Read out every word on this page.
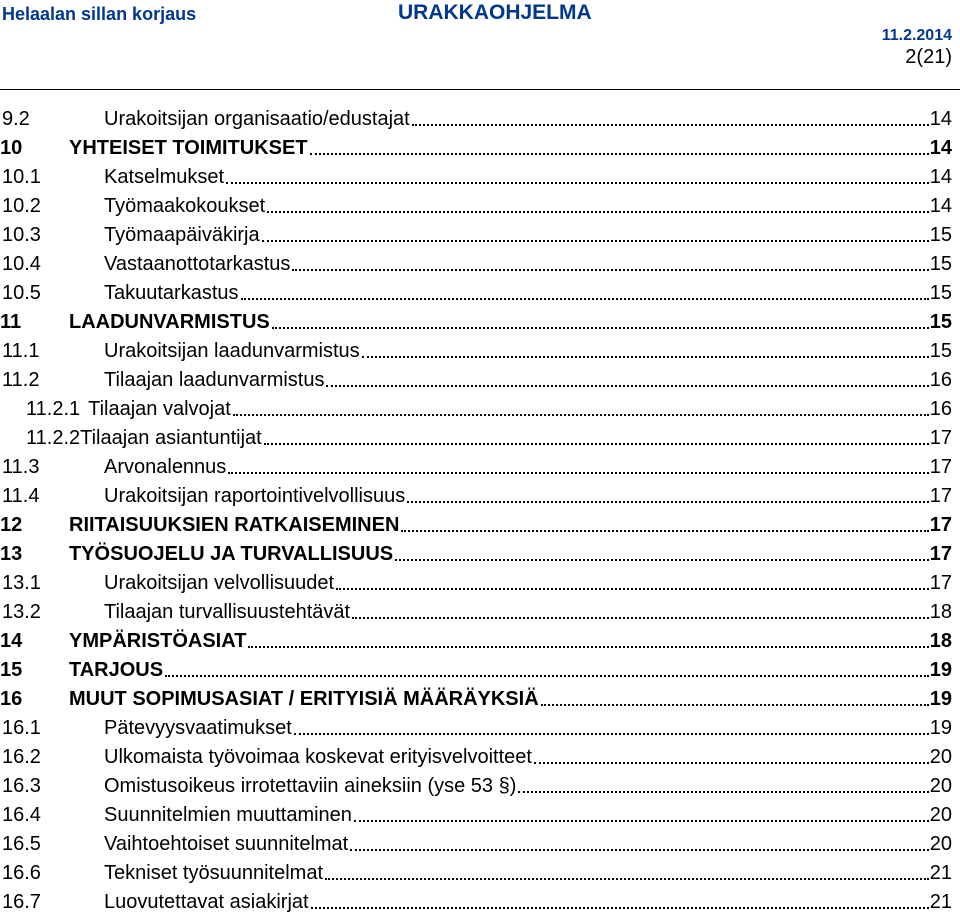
Helaalan sillan korjaus	URAKKAOHJELMA
11.2.2014
2(21)
9.2	Urakoitsijan organisaatio/edustajat	14
10	YHTEISET TOIMITUKSET	14
10.1	Katselmukset	14
10.2	Työmaakokoukset	14
10.3	Työmaapäiväkirja	15
10.4	Vastaanottotarkastus	15
10.5	Takuutarkastus	15
11	LAADUNVARMISTUS	15
11.1	Urakoitsijan laadunvarmistus	15
11.2	Tilaajan laadunvarmistus	16
11.2.1 Tilaajan valvojat	16
11.2.2 Tilaajan asiantuntijat	17
11.3	Arvonalennus	17
11.4	Urakoitsijan raportointivelvollisuus	17
12	RIITAISUUKSIEN RATKAISEMINEN	17
13	TYÖSUOJELU JA TURVALLISUUS	17
13.1	Urakoitsijan velvollisuudet	17
13.2	Tilaajan turvallisuustehtävät	18
14	YMPÄRISTÖASIAT	18
15	TARJOUS	19
16	MUUT SOPIMUSASIAT / ERITYISIÄ MÄÄRÄYKSIÄ	19
16.1	Pätevyysvaatimukset	19
16.2	Ulkomaista työvoimaa koskevat erityisvelvoitteet	20
16.3	Omistusoikeus irrotettaviin aineksiin (yse 53 §)	20
16.4	Suunnitelmien muuttaminen	20
16.5	Vaihtoehtoiset suunnitelmat	20
16.6	Tekniset työsuunnitelmat	21
16.7	Luovutettavat asiakirjat	21
